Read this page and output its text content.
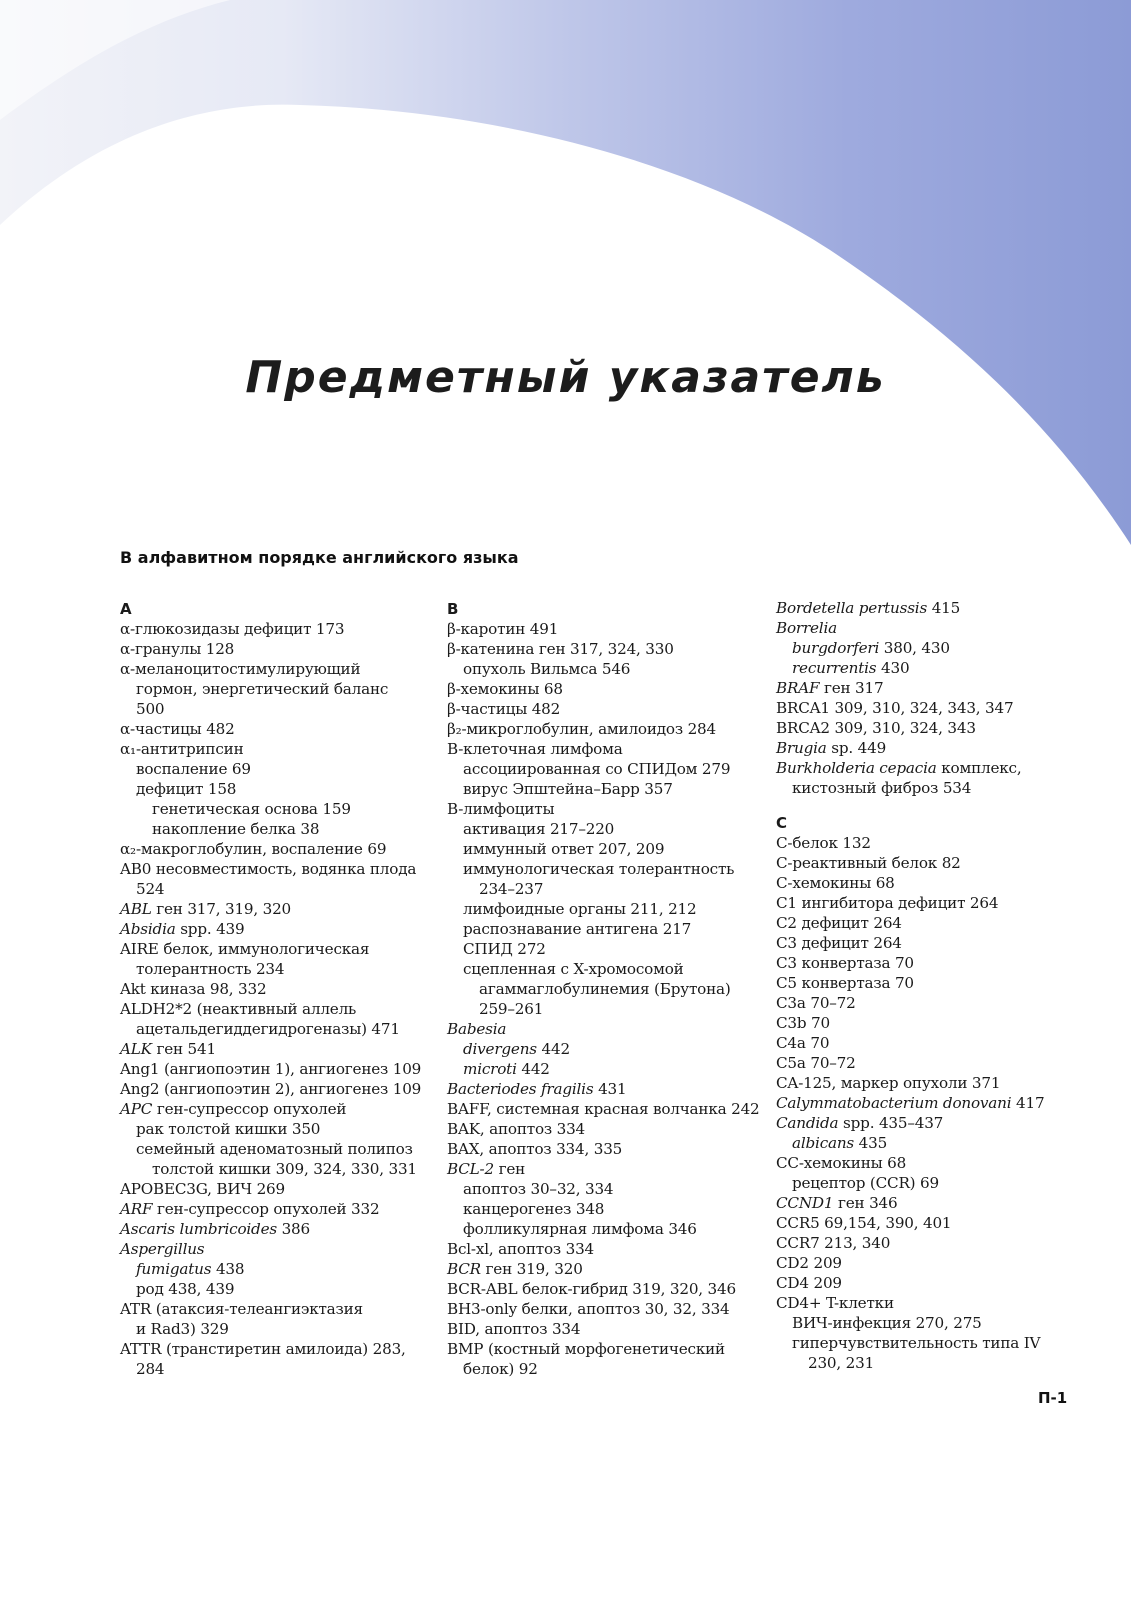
Предметный указатель
В алфавитном порядке английского языка
A
α-глюкозидазы дефицит 173
α-гранулы 128
α-меланоцитостимулирующий
гормон, энергетический баланс
500
α-частицы 482
α₁-антитрипсин
воспаление 69
дефицит 158
генетическая основа 159
накопление белка 38
α₂-макроглобулин, воспаление 69
AB0 несовместимость, водянка плода
524
ABL ген 317, 319, 320
Absidia spp. 439
AIRE белок, иммунологическая
толерантность 234
Akt киназа 98, 332
ALDH2*2 (неактивный аллель
ацетальдегиддегидрогеназы) 471
ALK ген 541
Ang1 (ангиопоэтин 1), ангиогенез 109
Ang2 (ангиопоэтин 2), ангиогенез 109
APC ген-супрессор опухолей
рак толстой кишки 350
семейный аденоматозный полипоз
толстой кишки 309, 324, 330, 331
APOBEC3G, ВИЧ 269
ARF ген-супрессор опухолей 332
Ascaris lumbricoides 386
Aspergillus
fumigatus 438
род 438, 439
ATR (атаксия-телеангиэктазия
и Rad3) 329
ATTR (транстиретин амилоида) 283,
284
B
β-каротин 491
β-катенина ген 317, 324, 330
опухоль Вильмса 546
β-хемокины 68
β-частицы 482
β₂-микроглобулин, амилоидоз 284
B-клеточная лимфома
ассоциированная со СПИДом 279
вирус Эпштейна–Барр 357
B-лимфоциты
активация 217–220
иммунный ответ 207, 209
иммунологическая толерантность
234–237
лимфоидные органы 211, 212
распознавание антигена 217
СПИД 272
сцепленная с X-хромосомой
агаммаглобулинемия (Брутона)
259–261
Babesia
divergens 442
microti 442
Bacteriodes fragilis 431
BAFF, системная красная волчанка 242
BAK, апоптоз 334
BAX, апоптоз 334, 335
BCL-2 ген
апоптоз 30–32, 334
канцерогенез 348
фолликулярная лимфома 346
Bcl-xl, апоптоз 334
BCR ген 319, 320
BCR-ABL белок-гибрид 319, 320, 346
BH3-only белки, апоптоз 30, 32, 334
BID, апоптоз 334
BMP (костный морфогенетический
белок) 92
Bordetella pertussis 415
Borrelia
burgdorferi 380, 430
recurrentis 430
BRAF ген 317
BRCA1 309, 310, 324, 343, 347
BRCA2 309, 310, 324, 343
Brugia sp. 449
Burkholderia cepacia комплекс,
кистозный фиброз 534
C
C-белок 132
C-реактивный белок 82
C-хемокины 68
C1 ингибитора дефицит 264
C2 дефицит 264
C3 дефицит 264
C3 конвертаза 70
C5 конвертаза 70
C3a 70–72
C3b 70
C4a 70
C5a 70–72
CA-125, маркер опухоли 371
Calymmatobacterium donovani 417
Candida spp. 435–437
albicans 435
CC-хемокины 68
рецептор (CCR) 69
CCND1 ген 346
CCR5 69,154, 390, 401
CCR7 213, 340
CD2 209
CD4 209
CD4+ T-клетки
ВИЧ-инфекция 270, 275
гиперчувствительность типа IV
230, 231
П-1
